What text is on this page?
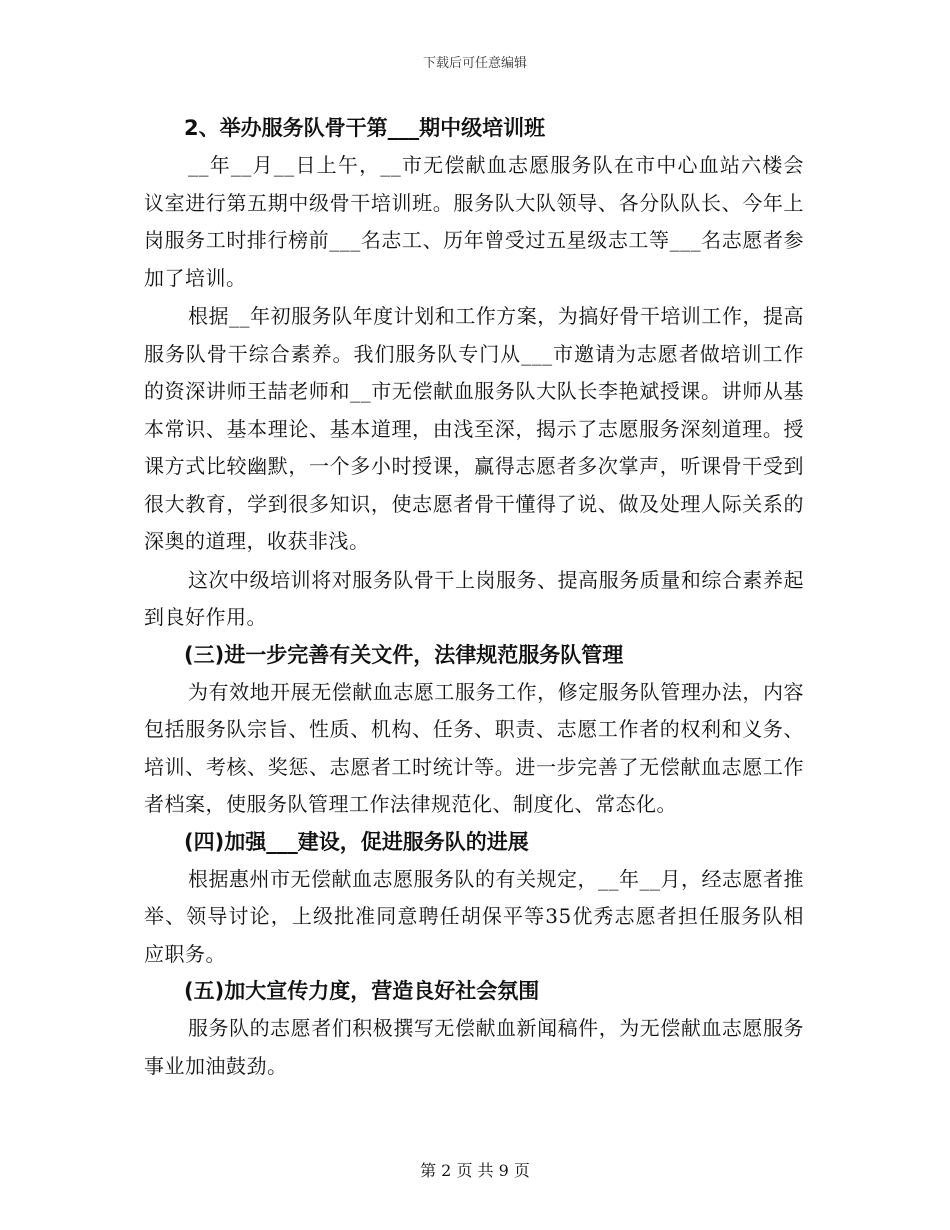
下载后可任意编辑
2、举办服务队骨干第___期中级培训班

__年__月__日上午，__市无偿献血志愿服务队在市中心血站六楼会议室进行第五期中级骨干培训班。服务队大队领导、各分队队长、今年上岗服务工时排行榜前___名志工、历年曾受过五星级志工等___名志愿者参加了培训。

根据__年初服务队年度计划和工作方案，为搞好骨干培训工作，提高服务队骨干综合素养。我们服务队专门从___市邀请为志愿者做培训工作的资深讲师王喆老师和__市无偿献血服务队大队长李艳斌授课。讲师从基本常识、基本理论、基本道理，由浅至深，揭示了志愿服务深刻道理。授课方式比较幽默，一个多小时授课，赢得志愿者多次掌声，听课骨干受到很大教育，学到很多知识，使志愿者骨干懂得了说、做及处理人际关系的深奥的道理，收获非浅。

这次中级培训将对服务队骨干上岗服务、提高服务质量和综合素养起到良好作用。

(三)进一步完善有关文件，法律规范服务队管理

为有效地开展无偿献血志愿工服务工作，修定服务队管理办法，内容包括服务队宗旨、性质、机构、任务、职责、志愿工作者的权利和义务、培训、考核、奖惩、志愿者工时统计等。进一步完善了无偿献血志愿工作者档案，使服务队管理工作法律规范化、制度化、常态化。

(四)加强___建设，促进服务队的进展

根据惠州市无偿献血志愿服务队的有关规定，__年__月，经志愿者推举、领导讨论，上级批准同意聘任胡保平等35优秀志愿者担任服务队相应职务。

(五)加大宣传力度，营造良好社会氛围

服务队的志愿者们积极撰写无偿献血新闻稿件，为无偿献血志愿服务事业加油鼓劲。

第 2 页 共 9 页
